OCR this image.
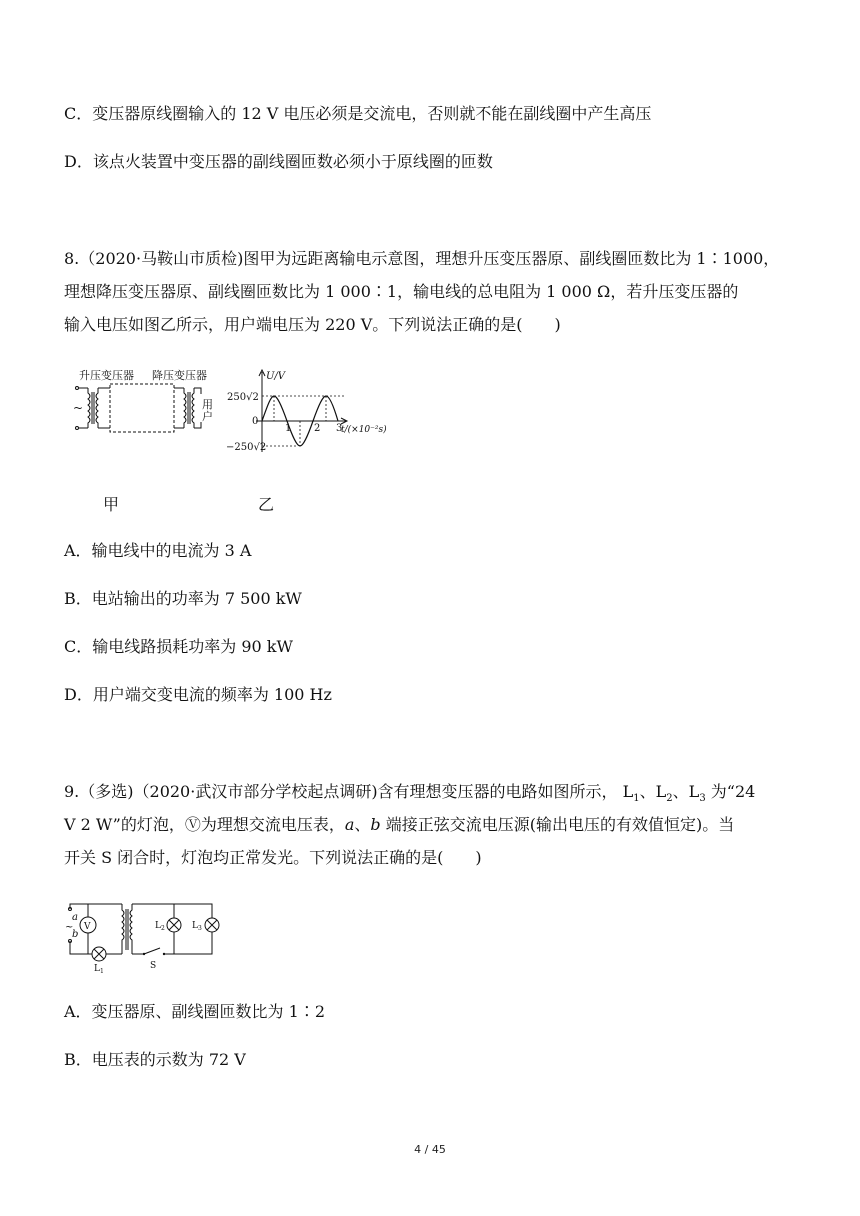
C．变压器原线圈输入的 12 V 电压必须是交流电，否则就不能在副线圈中产生高压
D．该点火装置中变压器的副线圈匝数必须小于原线圈的匝数
8.（2020·马鞍山市质检)图甲为远距离输电示意图，理想升压变压器原、副线圈匝数比为 1∶1000，
理想降压变压器原、副线圈匝数比为 1 000∶1，输电线的总电阻为 1 000 Ω，若升压变压器的
输入电压如图乙所示，用户端电压为 220 V。下列说法正确的是(　　)
升压变压器 降压变压器
~	用
户
U/V
t/(×10⁻²s)
250√2
−250√2
0
1 2 3
甲	乙
A．输电线中的电流为 3 A
B．电站输出的功率为 7 500 kW
C．输电线路损耗功率为 90 kW
D．用户端交变电流的频率为 100 Hz
9.（多选)（2020·武汉市部分学校起点调研)含有理想变压器的电路如图所示， $L_1$、$L_2$、$L_3$ 为“24
V 2 W”的灯泡，Ⓥ为理想交流电压表，a、b 端接正弦交流电压源(输出电压的有效值恒定)。当
开关 S 闭合时，灯泡均正常发光。下列说法正确的是(　　)
a
~
b
V
$L_1$
S
$L_2$	$L_3$
A．变压器原、副线圈匝数比为 1∶2
B．电压表的示数为 72 V
4 / 45
